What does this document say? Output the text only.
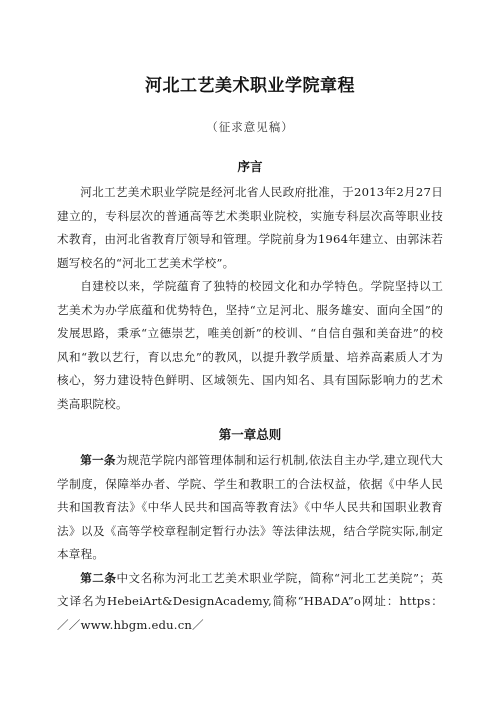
河北工艺美术职业学院章程
（征求意见稿）
序言

河北工艺美术职业学院是经河北省人民政府批准，于2013年2月27日建立的，专科层次的普通高等艺术类职业院校，实施专科层次高等职业技术教育，由河北省教育厅领导和管理。学院前身为1964年建立、由郭沫若题写校名的“河北工艺美术学校”。

自建校以来，学院蕴育了独特的校园文化和办学特色。学院坚持以工艺美术为办学底蕴和优势特色，坚持“立足河北、服务雄安、面向全国”的发展思路，秉承“立德崇艺，唯美创新”的校训、“自信自强和美奋进”的校风和“教以艺行，育以忠允”的教风，以提升教学质量、培养高素质人才为核心，努力建设特色鲜明、区域领先、国内知名、具有国际影响力的艺术类高职院校。

第一章总则

第一条为规范学院内部管理体制和运行机制,依法自主办学,建立现代大学制度，保障举办者、学院、学生和教职工的合法权益，依据《中华人民共和国教育法》《中华人民共和国高等教育法》《中华人民共和国职业教育法》以及《高等学校章程制定暂行办法》等法律法规，结合学院实际,制定本章程。

第二条中文名称为河北工艺美术职业学院，简称“河北工艺美院”；英文译名为HebeiArt&DesignAcademy,简称“HBADA”o网址：https：／／www.hbgm.edu.cn／
